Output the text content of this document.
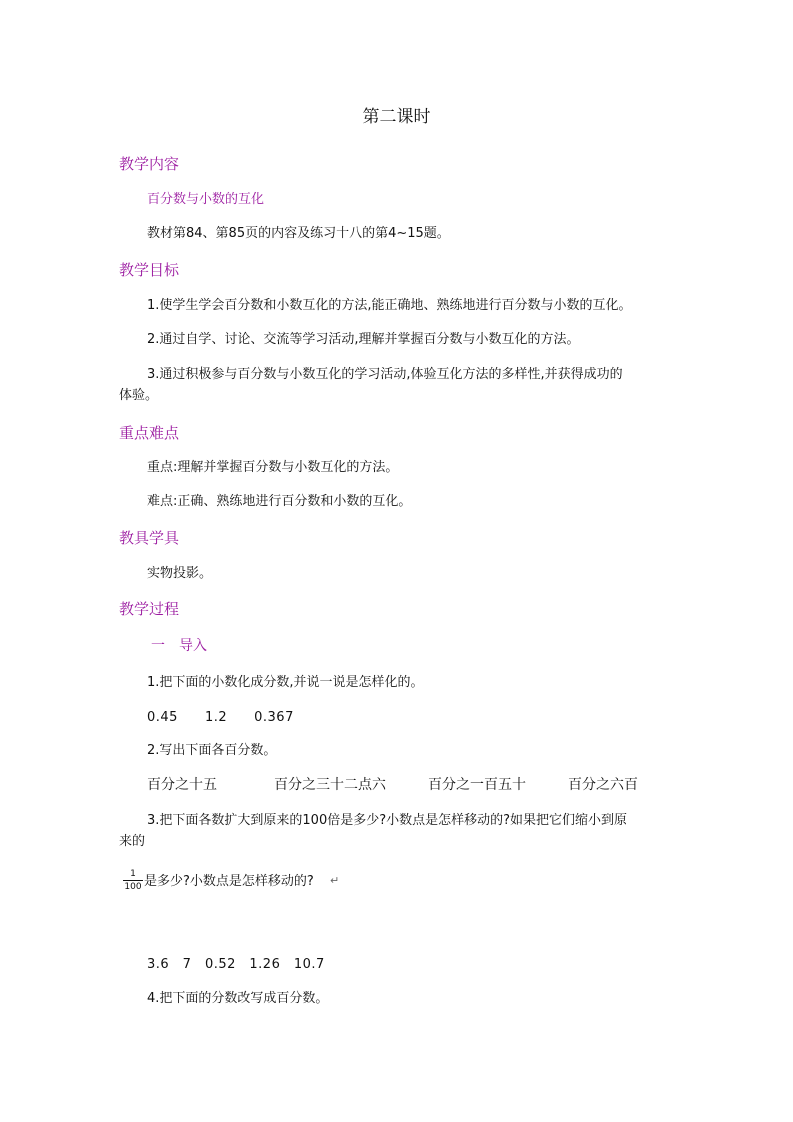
第二课时
教学内容
百分数与小数的互化
教材第84、第85页的内容及练习十八的第4~15题。
教学目标
1.使学生学会百分数和小数互化的方法,能正确地、熟练地进行百分数与小数的互化。
2.通过自学、讨论、交流等学习活动,理解并掌握百分数与小数互化的方法。
3.通过积极参与百分数与小数互化的学习活动,体验互化方法的多样性,并获得成功的
体验。
重点难点
重点:理解并掌握百分数与小数互化的方法。
难点:正确、熟练地进行百分数和小数的互化。
教具学具
实物投影。
教学过程
一　导入
1.把下面的小数化成分数,并说一说是怎样化的。
0.45　　1.2　　0.367
2.写出下面各百分数。
百分之十五	百分之三十二点六	百分之一百五十	百分之六百
3.把下面各数扩大到原来的100倍是多少?小数点是怎样移动的?如果把它们缩小到原
来的
$\frac{1}{100}$ 是多少?小数点是怎样移动的? ↵
3.6　7　0.52　1.26　10.7
4.把下面的分数改写成百分数。
